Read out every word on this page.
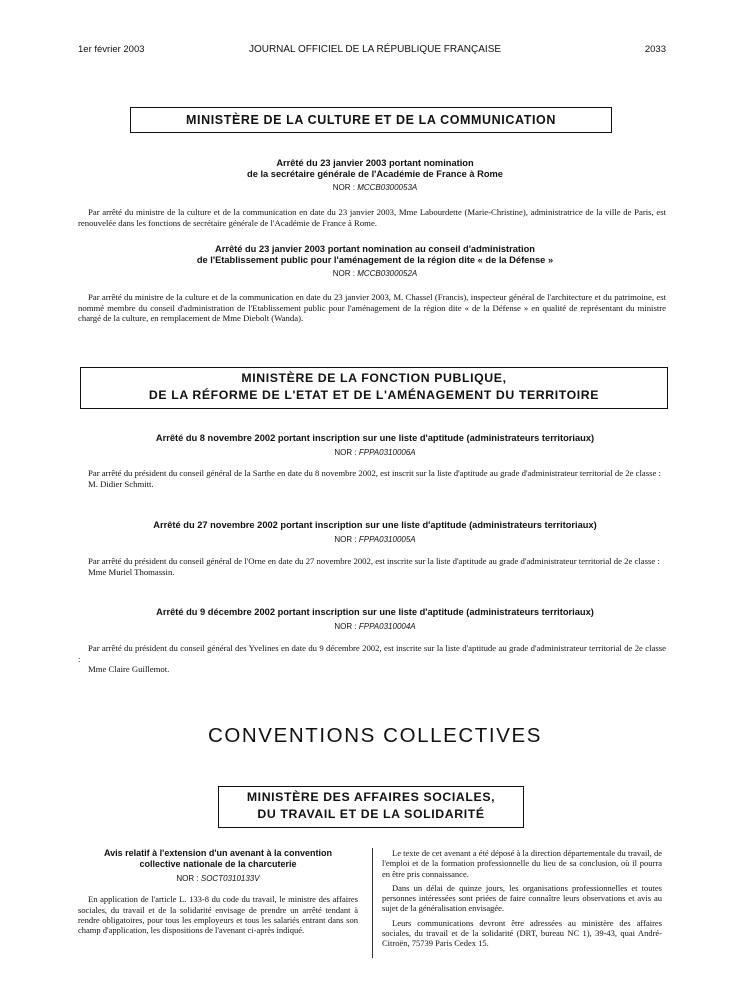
1er février 2003	JOURNAL OFFICIEL DE LA RÉPUBLIQUE FRANÇAISE	2033
MINISTÈRE DE LA CULTURE ET DE LA COMMUNICATION
Arrêté du 23 janvier 2003 portant nomination
de la secrétaire générale de l'Académie de France à Rome
NOR : MCCB0300053A

Par arrêté du ministre de la culture et de la communication en date du 23 janvier 2003, Mme Labourdette (Marie-Christine), administratrice de la ville de Paris, est renouvelée dans les fonctions de secrétaire générale de l'Académie de France à Rome.

Arrêté du 23 janvier 2003 portant nomination au conseil d'administration
de l'Etablissement public pour l'aménagement de la région dite « de la Défense »
NOR : MCCB0300052A

Par arrêté du ministre de la culture et de la communication en date du 23 janvier 2003, M. Chassel (Francis), inspecteur général de l'architecture et du patrimoine, est nommé membre du conseil d'administration de l'Etablissement public pour l'aménagement de la région dite « de la Défense » en qualité de représentant du ministre chargé de la culture, en remplacement de Mme Diebolt (Wanda).

MINISTÈRE DE LA FONCTION PUBLIQUE,
DE LA RÉFORME DE L'ETAT ET DE L'AMÉNAGEMENT DU TERRITOIRE
Arrêté du 8 novembre 2002 portant inscription sur une liste d'aptitude (administrateurs territoriaux)
NOR : FPPA0310006A

Par arrêté du président du conseil général de la Sarthe en date du 8 novembre 2002, est inscrit sur la liste d'aptitude au grade d'administrateur territorial de 2e classe :

M. Didier Schmitt.

Arrêté du 27 novembre 2002 portant inscription sur une liste d'aptitude (administrateurs territoriaux)
NOR : FPPA0310005A

Par arrêté du président du conseil général de l'Orne en date du 27 novembre 2002, est inscrite sur la liste d'aptitude au grade d'administrateur territorial de 2e classe :

Mme Muriel Thomassin.

Arrêté du 9 décembre 2002 portant inscription sur une liste d'aptitude (administrateurs territoriaux)
NOR : FPPA0310004A

Par arrêté du président du conseil général des Yvelines en date du 9 décembre 2002, est inscrite sur la liste d'aptitude au grade d'administrateur territorial de 2e classe :

Mme Claire Guillemot.

CONVENTIONS COLLECTIVES
MINISTÈRE DES AFFAIRES SOCIALES,
DU TRAVAIL ET DE LA SOLIDARITÉ
Avis relatif à l'extension d'un avenant à la convention
collective nationale de la charcuterie
NOR : SOCT0310133V

En application de l'article L. 133-8 du code du travail, le ministre des affaires sociales, du travail et de la solidarité envisage de prendre un arrêté tendant à rendre obligatoires, pour tous les employeurs et tous les salariés entrant dans son champ d'application, les dispositions de l'avenant ci-après indiqué.

Le texte de cet avenant a été déposé à la direction départementale du travail, de l'emploi et de la formation professionnelle du lieu de sa conclusion, où il pourra en être pris connaissance.

Dans un délai de quinze jours, les organisations professionnelles et toutes personnes intéressées sont priées de faire connaître leurs observations et avis au sujet de la généralisation envisagée.

Leurs communications devront être adressées au ministère des affaires sociales, du travail et de la solidarité (DRT, bureau NC 1), 39-43, quai André-Citroën, 75739 Paris Cedex 15.
